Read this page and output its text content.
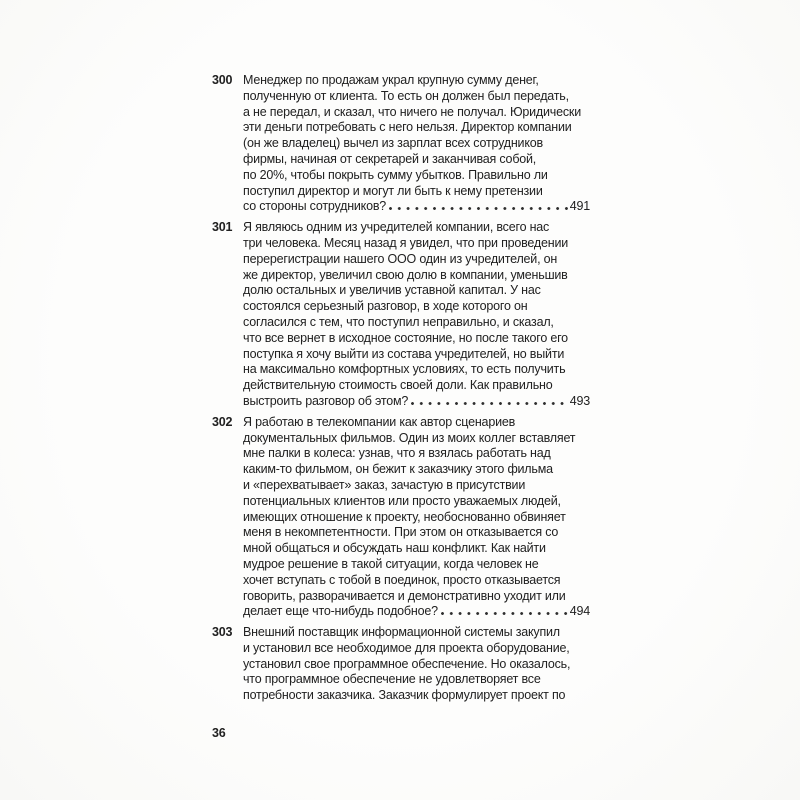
300 Менеджер по продажам украл крупную сумму денег,
полученную от клиента. То есть он должен был передать,
а не передал, и сказал, что ничего не получал. Юридически
эти деньги потребовать с него нельзя. Директор компании
(он же владелец) вычел из зарплат всех сотрудников
фирмы, начиная от секретарей и заканчивая собой,
по 20%, чтобы покрыть сумму убытков. Правильно ли
поступил директор и могут ли быть к нему претензии
со стороны сотрудников?	491
301 Я являюсь одним из учредителей компании, всего нас
три человека. Месяц назад я увидел, что при проведении
перерегистрации нашего ООО один из учредителей, он
же директор, увеличил свою долю в компании, уменьшив
долю остальных и увеличив уставной капитал. У нас
состоялся серьезный разговор, в ходе которого он
согласился с тем, что поступил неправильно, и сказал,
что все вернет в исходное состояние, но после такого его
поступка я хочу выйти из состава учредителей, но выйти
на максимально комфортных условиях, то есть получить
действительную стоимость своей доли. Как правильно
выстроить разговор об этом?	493
302 Я работаю в телекомпании как автор сценариев
документальных фильмов. Один из моих коллег вставляет
мне палки в колеса: узнав, что я взялась работать над
каким-то фильмом, он бежит к заказчику этого фильма
и «перехватывает» заказ, зачастую в присутствии
потенциальных клиентов или просто уважаемых людей,
имеющих отношение к проекту, необоснованно обвиняет
меня в некомпетентности. При этом он отказывается со
мной общаться и обсуждать наш конфликт. Как найти
мудрое решение в такой ситуации, когда человек не
хочет вступать с тобой в поединок, просто отказывается
говорить, разворачивается и демонстративно уходит или
делает еще что-нибудь подобное?	494
303 Внешний поставщик информационной системы закупил
и установил все необходимое для проекта оборудование,
установил свое программное обеспечение. Но оказалось,
что программное обеспечение не удовлетворяет все
потребности заказчика. Заказчик формулирует проект по
36
